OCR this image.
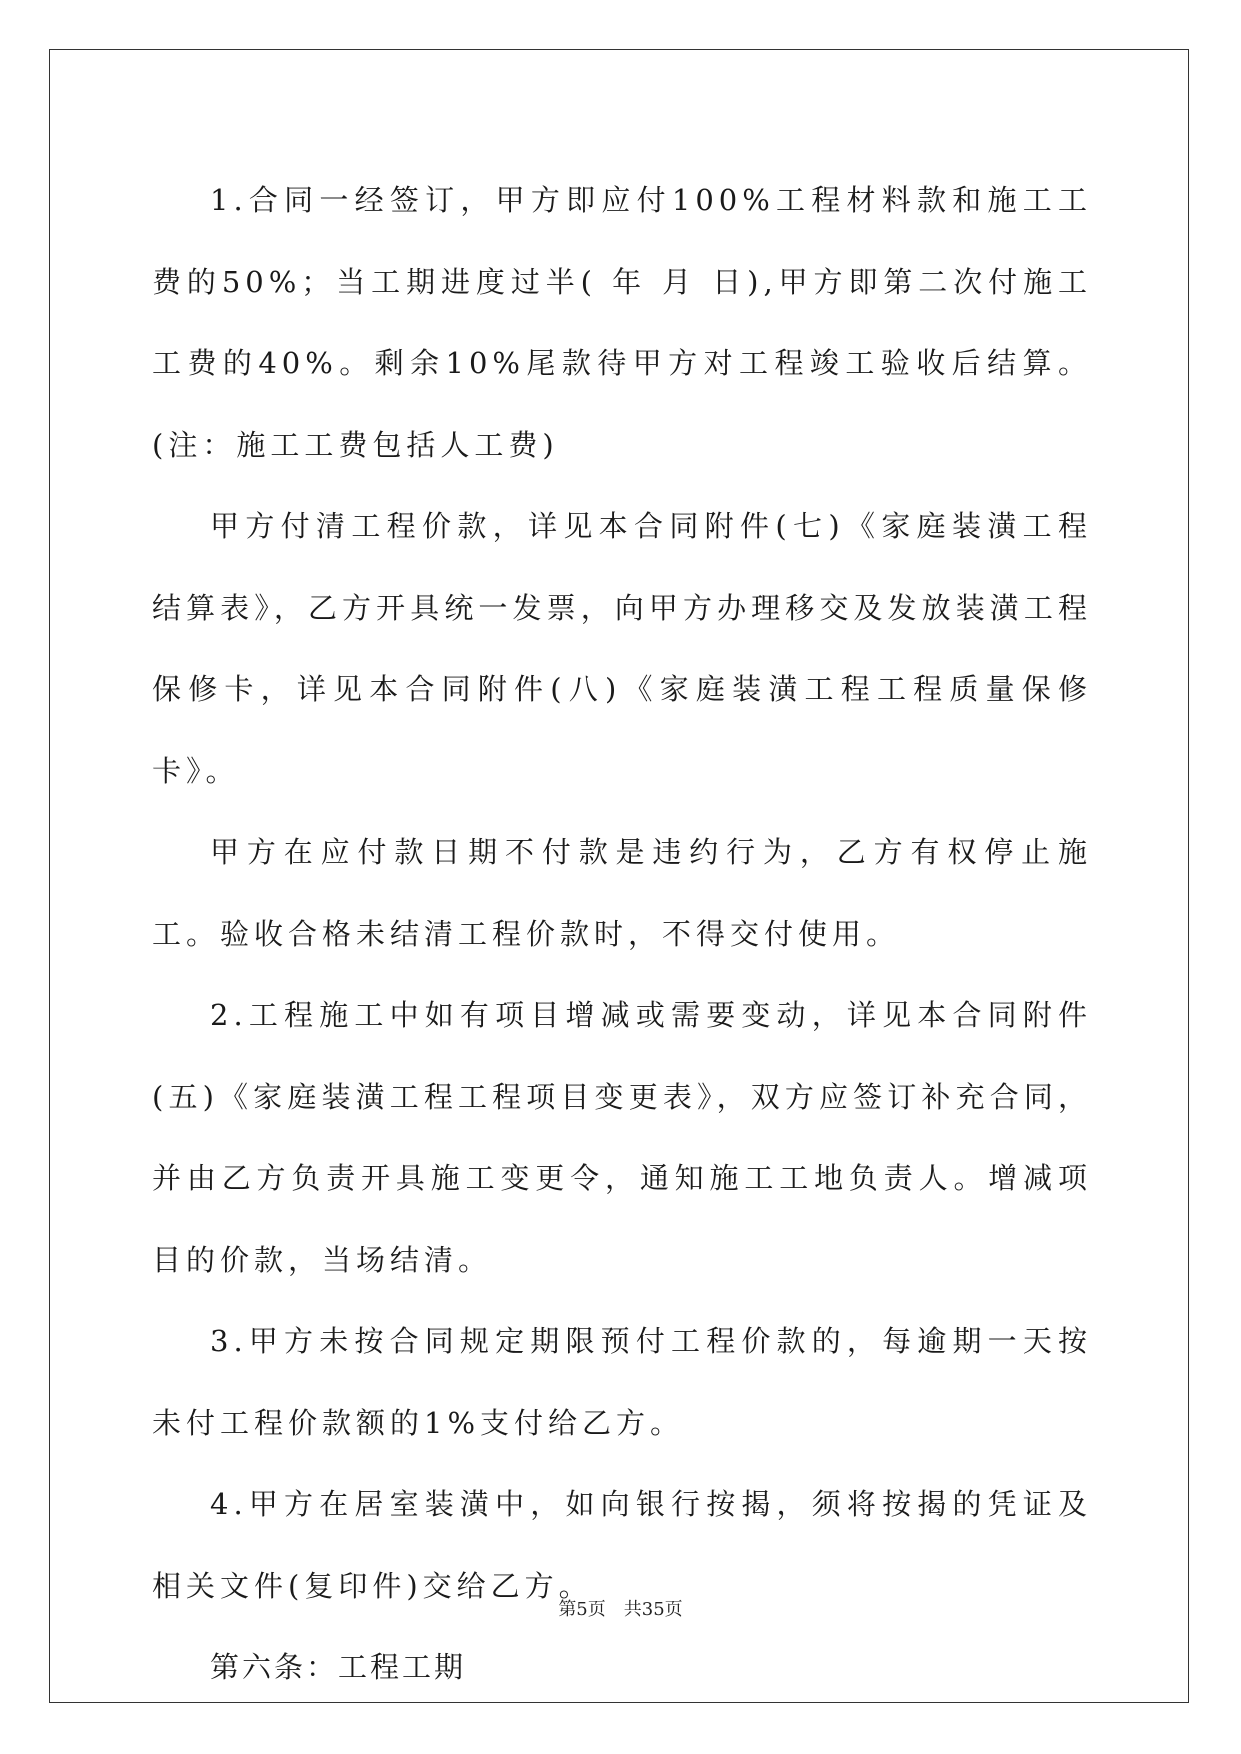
1.合同一经签订，甲方即应付100%工程材料款和施工工费的50%；当工期进度过半( 年 月 日),甲方即第二次付施工工费的40%。剩余10%尾款待甲方对工程竣工验收后结算。(注：施工工费包括人工费)

甲方付清工程价款，详见本合同附件(七)《家庭装潢工程结算表》，乙方开具统一发票，向甲方办理移交及发放装潢工程保修卡，详见本合同附件(八)《家庭装潢工程工程质量保修卡》。

甲方在应付款日期不付款是违约行为，乙方有权停止施工。验收合格未结清工程价款时，不得交付使用。

2.工程施工中如有项目增减或需要变动，详见本合同附件(五)《家庭装潢工程工程项目变更表》，双方应签订补充合同，并由乙方负责开具施工变更令，通知施工工地负责人。增减项目的价款，当场结清。

3.甲方未按合同规定期限预付工程价款的，每逾期一天按未付工程价款额的1%支付给乙方。

4.甲方在居室装潢中，如向银行按揭，须将按揭的凭证及相关文件(复印件)交给乙方。

第六条：工程工期

第5页 共35页
